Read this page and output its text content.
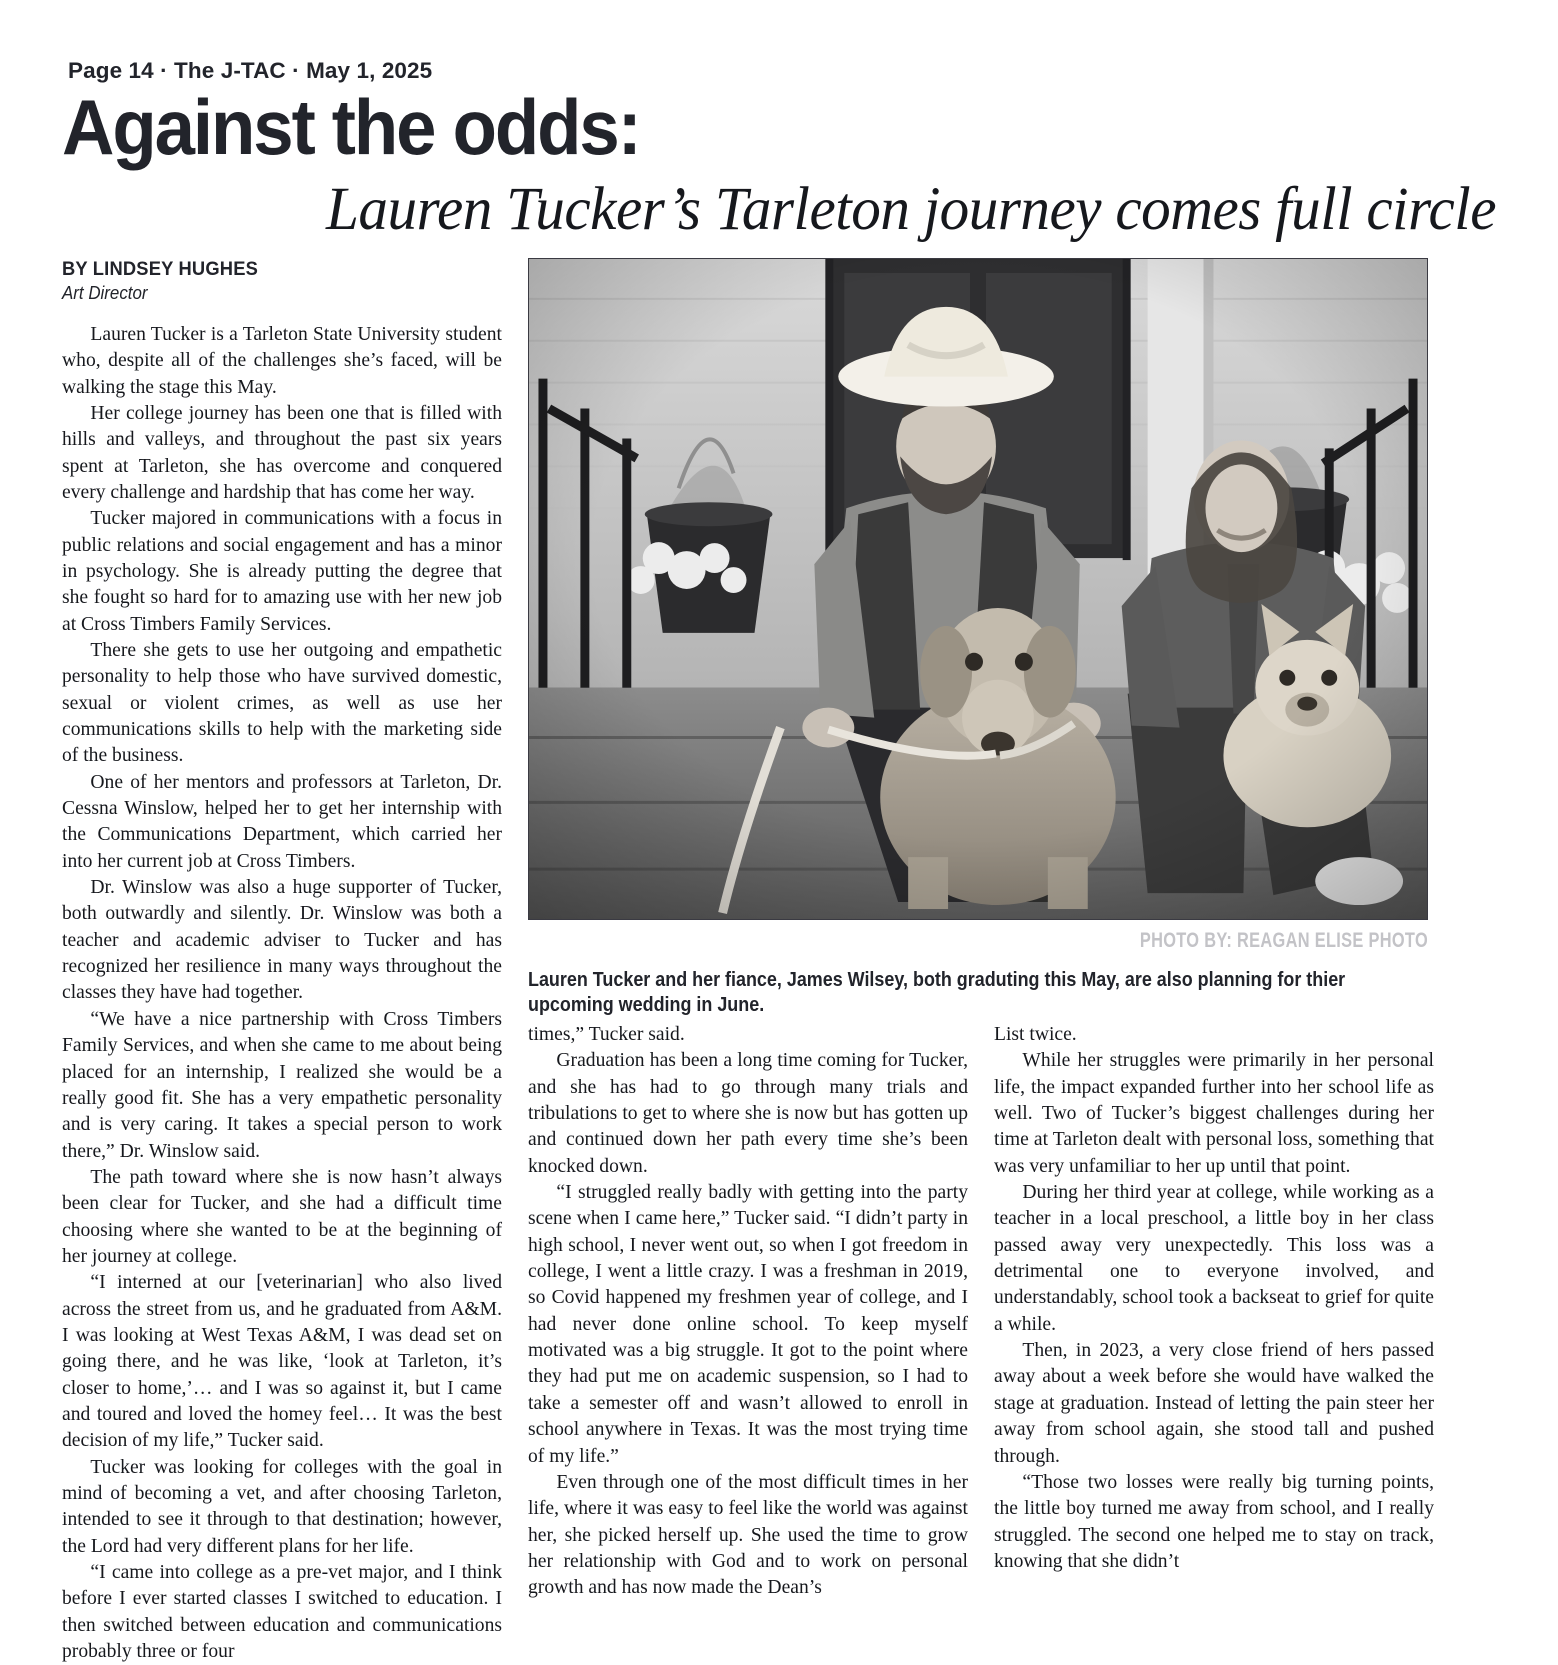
Page 14 · The J-TAC · May 1, 2025
Against the odds:
Lauren Tucker’s Tarleton journey comes full circle
BY LINDSEY HUGHES
Art Director

Lauren Tucker is a Tarleton State University student who, despite all of the challenges she’s faced, will be walking the stage this May.

Her college journey has been one that is filled with hills and valleys, and throughout the past six years spent at Tarleton, she has overcome and conquered every challenge and hardship that has come her way.

Tucker majored in communications with a focus in public relations and social engagement and has a minor in psychology. She is already putting the degree that she fought so hard for to amazing use with her new job at Cross Timbers Family Services.

There she gets to use her outgoing and empathetic personality to help those who have survived domestic, sexual or violent crimes, as well as use her communications skills to help with the marketing side of the business.

One of her mentors and professors at Tarleton, Dr. Cessna Winslow, helped her to get her internship with the Communications Department, which carried her into her current job at Cross Timbers.

Dr. Winslow was also a huge supporter of Tucker, both outwardly and silently. Dr. Winslow was both a teacher and academic adviser to Tucker and has recognized her resilience in many ways throughout the classes they have had together.

“We have a nice partnership with Cross Timbers Family Services, and when she came to me about being placed for an internship, I realized she would be a really good fit. She has a very empathetic personality and is very caring. It takes a special person to work there,” Dr. Winslow said.

The path toward where she is now hasn’t always been clear for Tucker, and she had a difficult time choosing where she wanted to be at the beginning of her journey at college.

“I interned at our [veterinarian] who also lived across the street from us, and he graduated from A&M. I was looking at West Texas A&M, I was dead set on going there, and he was like, ‘look at Tarleton, it’s closer to home,’… and I was so against it, but I came and toured and loved the homey feel… It was the best decision of my life,” Tucker said.

Tucker was looking for colleges with the goal in mind of becoming a vet, and after choosing Tarleton, intended to see it through to that destination; however, the Lord had very different plans for her life.

“I came into college as a pre-vet major, and I think before I ever started classes I switched to education. I then switched between education and communications probably three or four

PHOTO BY: REAGAN ELISE PHOTO
Lauren Tucker and her fiance, James Wilsey, both graduting this May, are also planning for thier upcoming wedding in June.

times,” Tucker said.

Graduation has been a long time coming for Tucker, and she has had to go through many trials and tribulations to get to where she is now but has gotten up and continued down her path every time she’s been knocked down.

“I struggled really badly with getting into the party scene when I came here,” Tucker said. “I didn’t party in high school, I never went out, so when I got freedom in college, I went a little crazy. I was a freshman in 2019, so Covid happened my freshmen year of college, and I had never done online school. To keep myself motivated was a big struggle. It got to the point where they had put me on academic suspension, so I had to take a semester off and wasn’t allowed to enroll in school anywhere in Texas. It was the most trying time of my life.”

Even through one of the most difficult times in her life, where it was easy to feel like the world was against her, she picked herself up. She used the time to grow her relationship with God and to work on personal growth and has now made the Dean’s

List twice.

While her struggles were primarily in her personal life, the impact expanded further into her school life as well. Two of Tucker’s biggest challenges during her time at Tarleton dealt with personal loss, something that was very unfamiliar to her up until that point.

During her third year at college, while working as a teacher in a local preschool, a little boy in her class passed away very unexpectedly. This loss was a detrimental one to everyone involved, and understandably, school took a backseat to grief for quite a while.

Then, in 2023, a very close friend of hers passed away about a week before she would have walked the stage at graduation. Instead of letting the pain steer her away from school again, she stood tall and pushed through.

“Those two losses were really big turning points, the little boy turned me away from school, and I really struggled. The second one helped me to stay on track, knowing that she didn’t
